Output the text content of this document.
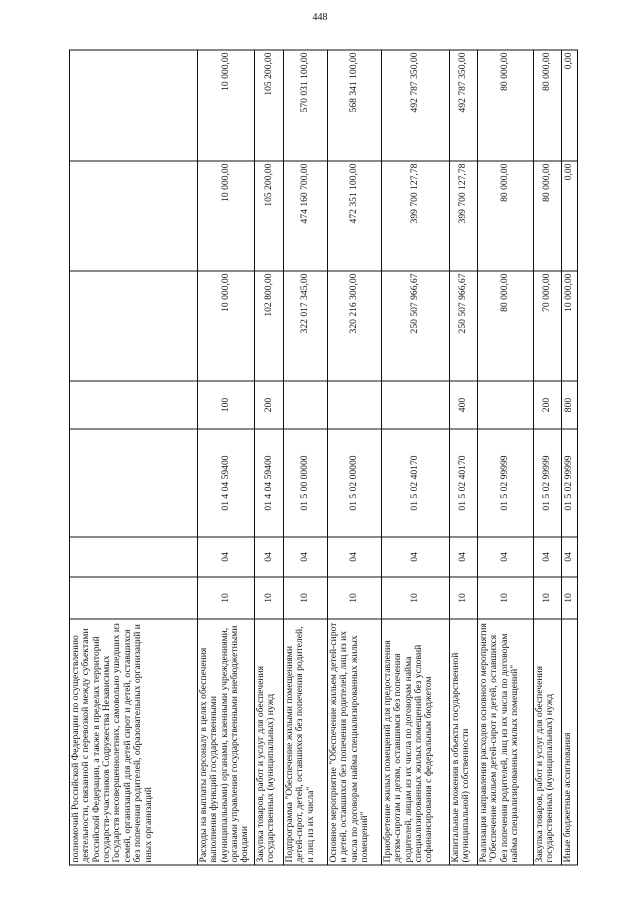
448
полномочий Российской Федерации по осуществлению деятельности, связанной с перевозкой между субъектами Российской Федерации, а также в пределах территорий государств-участников Содружества Независимых Государств несовершеннолетних, самовольно ушедших из семей, организаций для детей сирот и детей, оставшихся без попечения родителей, образовательных организаций и иных организаций							
Расходы на выплаты персоналу в целях обеспечения выполнения функций государственными (муниципальными) органами, казенными учреждениями, органами управления государственными внебюджетными фондами	10	04	01 4 04 59400	100	10 000,00	10 000,00	10 000,00
Закупка товаров, работ и услуг для обеспечения государственных (муниципальных) нужд	10	04	01 4 04 59400	200	102 800,00	105 200,00	105 200,00
Подпрограмма "Обеспечение жилыми помещениями детей-сирот, детей, оставшихся без попечения родителей, и лиц из их числа"	10	04	01 5 00 00000		322 017 345,00	474 160 700,00	570 031 100,00
Основное мероприятие "Обеспечение жильем детей-сирот и детей, оставшихся без попечения родителей, лиц из их числа по договорам найма специализированных жилых помещений"	10	04	01 5 02 00000		320 216 300,00	472 351 100,00	568 341 100,00
Приобретение жилых помещений для предоставления детям-сиротам и детям, оставшимся без попечения родителей, лицам из их числа по договорам найма специализированных жилых помещений без условий софинансирования с федеральным бюджетом	10	04	01 5 02 40170		250 507 966,67	399 700 127,78	492 787 350,00
Капитальные вложения в объекты государственной (муниципальной) собственности	10	04	01 5 02 40170	400	250 507 966,67	399 700 127,78	492 787 350,00
Реализация направления расходов основного мероприятия "Обеспечение жильем детей-сирот и детей, оставшихся без попечения родителей, лиц из их числа по договорам найма специализированных жилых помещений"	10	04	01 5 02 99999		80 000,00	80 000,00	80 000,00
Закупка товаров, работ и услуг для обеспечения государственных (муниципальных) нужд	10	04	01 5 02 99999	200	70 000,00	80 000,00	80 000,00
Иные бюджетные ассигнования	10	04	01 5 02 99999	800	10 000,00	0,00	0,00
